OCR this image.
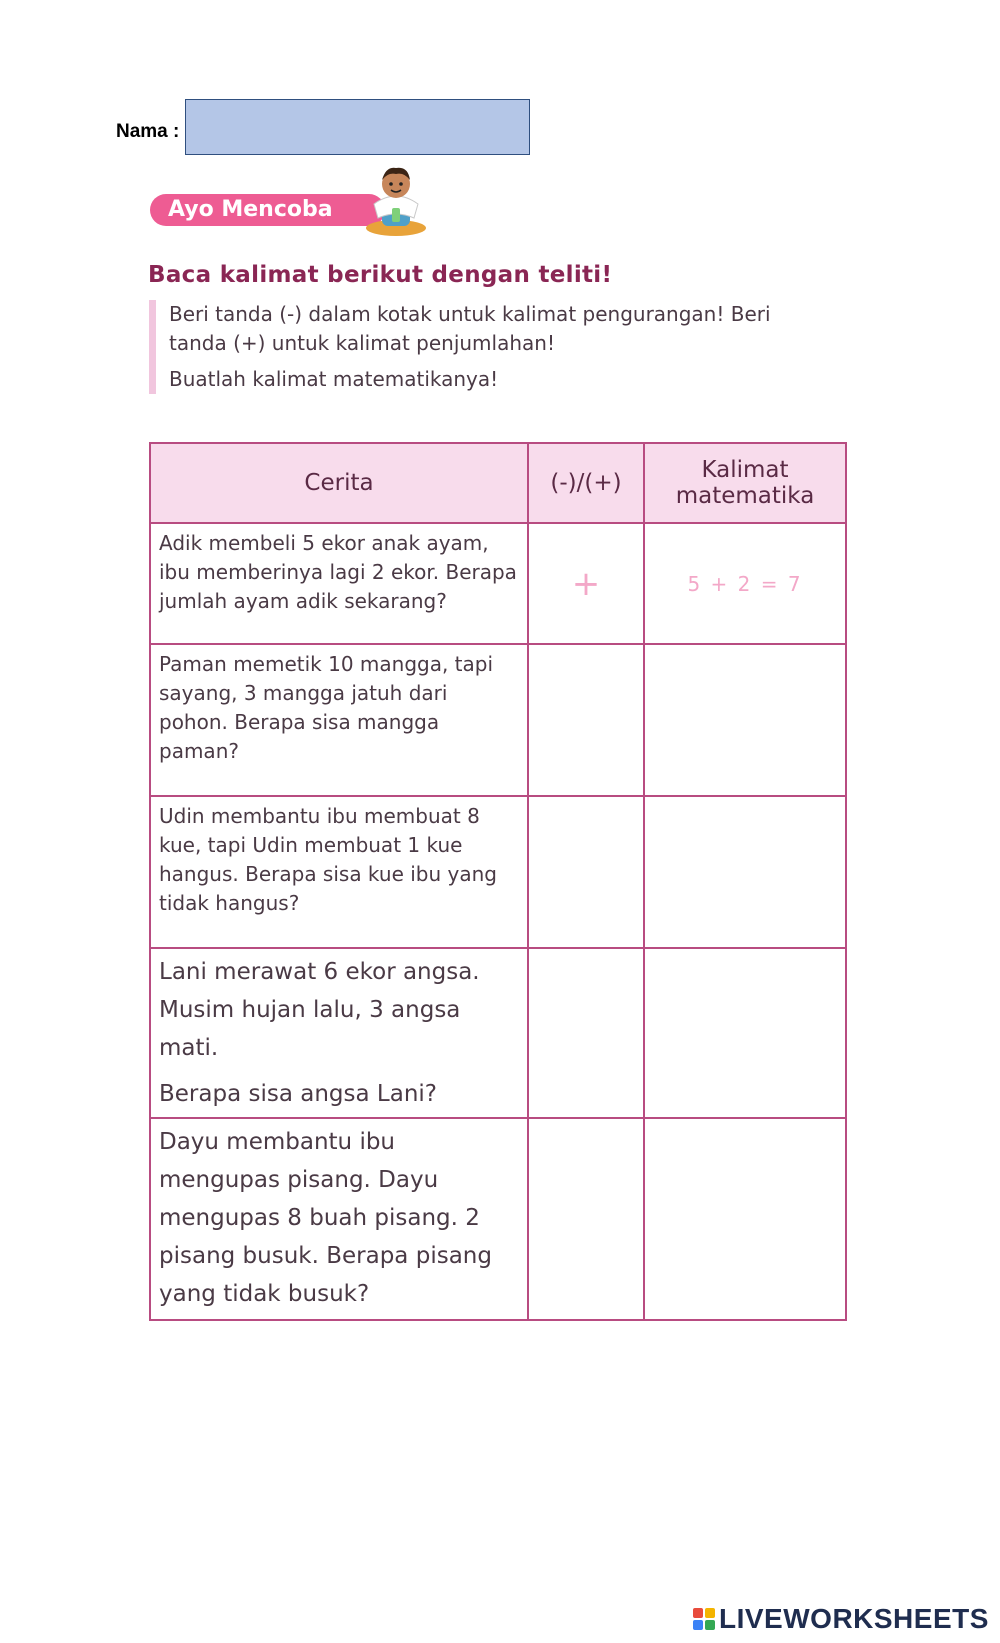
Nama :
Ayo Mencoba
Baca kalimat berikut dengan teliti!

Beri tanda (-) dalam kotak untuk kalimat pengurangan! Beri tanda (+) untuk kalimat penjumlahan!

Buatlah kalimat matematikanya!

Cerita	(-)/(+)	Kalimat matematika
Adik membeli 5 ekor anak ayam, ibu memberinya lagi 2 ekor. Berapa jumlah ayam adik sekarang?	+	5 + 2 = 7
Paman memetik 10 mangga, tapi sayang, 3 mangga jatuh dari pohon. Berapa sisa mangga paman?		
Udin membantu ibu membuat 8 kue, tapi Udin membuat 1 kue hangus. Berapa sisa kue ibu yang tidak hangus?		

Lani merawat 6 ekor angsa. Musim hujan lalu, 3 angsa mati.

Berapa sisa angsa Lani?

Dayu membantu ibu mengupas pisang. Dayu mengupas 8 buah pisang. 2 pisang busuk. Berapa pisang yang tidak busuk?

LIVEWORKSHEETS
